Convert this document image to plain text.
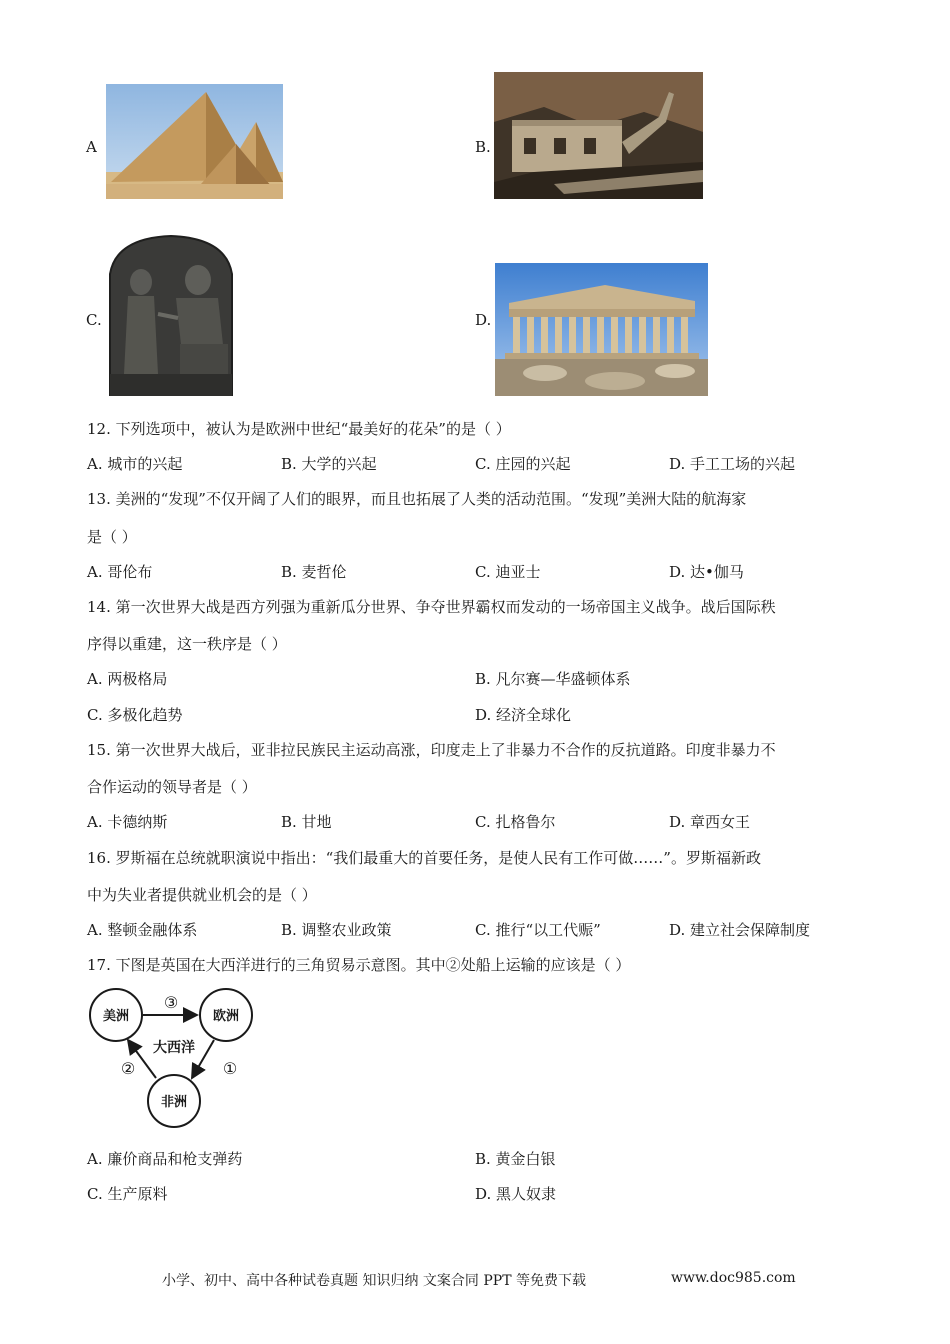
A	B.
C.	D.
12. 下列选项中，被认为是欧洲中世纪“最美好的花朵”的是（ ）
A. 城市的兴起	B. 大学的兴起	C. 庄园的兴起	D. 手工工场的兴起
13. 美洲的“发现”不仅开阔了人们的眼界，而且也拓展了人类的活动范围。“发现”美洲大陆的航海家
是（ ）
A. 哥伦布	B. 麦哲伦	C. 迪亚士	D. 达•伽马
14. 第一次世界大战是西方列强为重新瓜分世界、争夺世界霸权而发动的一场帝国主义战争。战后国际秩
序得以重建，这一秩序是（ ）
A. 两极格局	B. 凡尔赛—华盛顿体系
C. 多极化趋势	D. 经济全球化
15. 第一次世界大战后，亚非拉民族民主运动高涨，印度走上了非暴力不合作的反抗道路。印度非暴力不
合作运动的领导者是（ ）
A. 卡德纳斯	B. 甘地	C. 扎格鲁尔	D. 章西女王
16. 罗斯福在总统就职演说中指出：“我们最重大的首要任务，是使人民有工作可做……”。罗斯福新政
中为失业者提供就业机会的是（ ）
A. 整顿金融体系	B. 调整农业政策	C. 推行“以工代赈”	D. 建立社会保障制度
17. 下图是英国在大西洋进行的三角贸易示意图。其中②处船上运输的应该是（ ）
美洲	欧洲
非洲
大西洋
③
①
②
A. 廉价商品和枪支弹药	B. 黄金白银
C. 生产原料	D. 黑人奴隶
小学、初中、高中各种试卷真题 知识归纳 文案合同 PPT 等免费下载	www.doc985.com
